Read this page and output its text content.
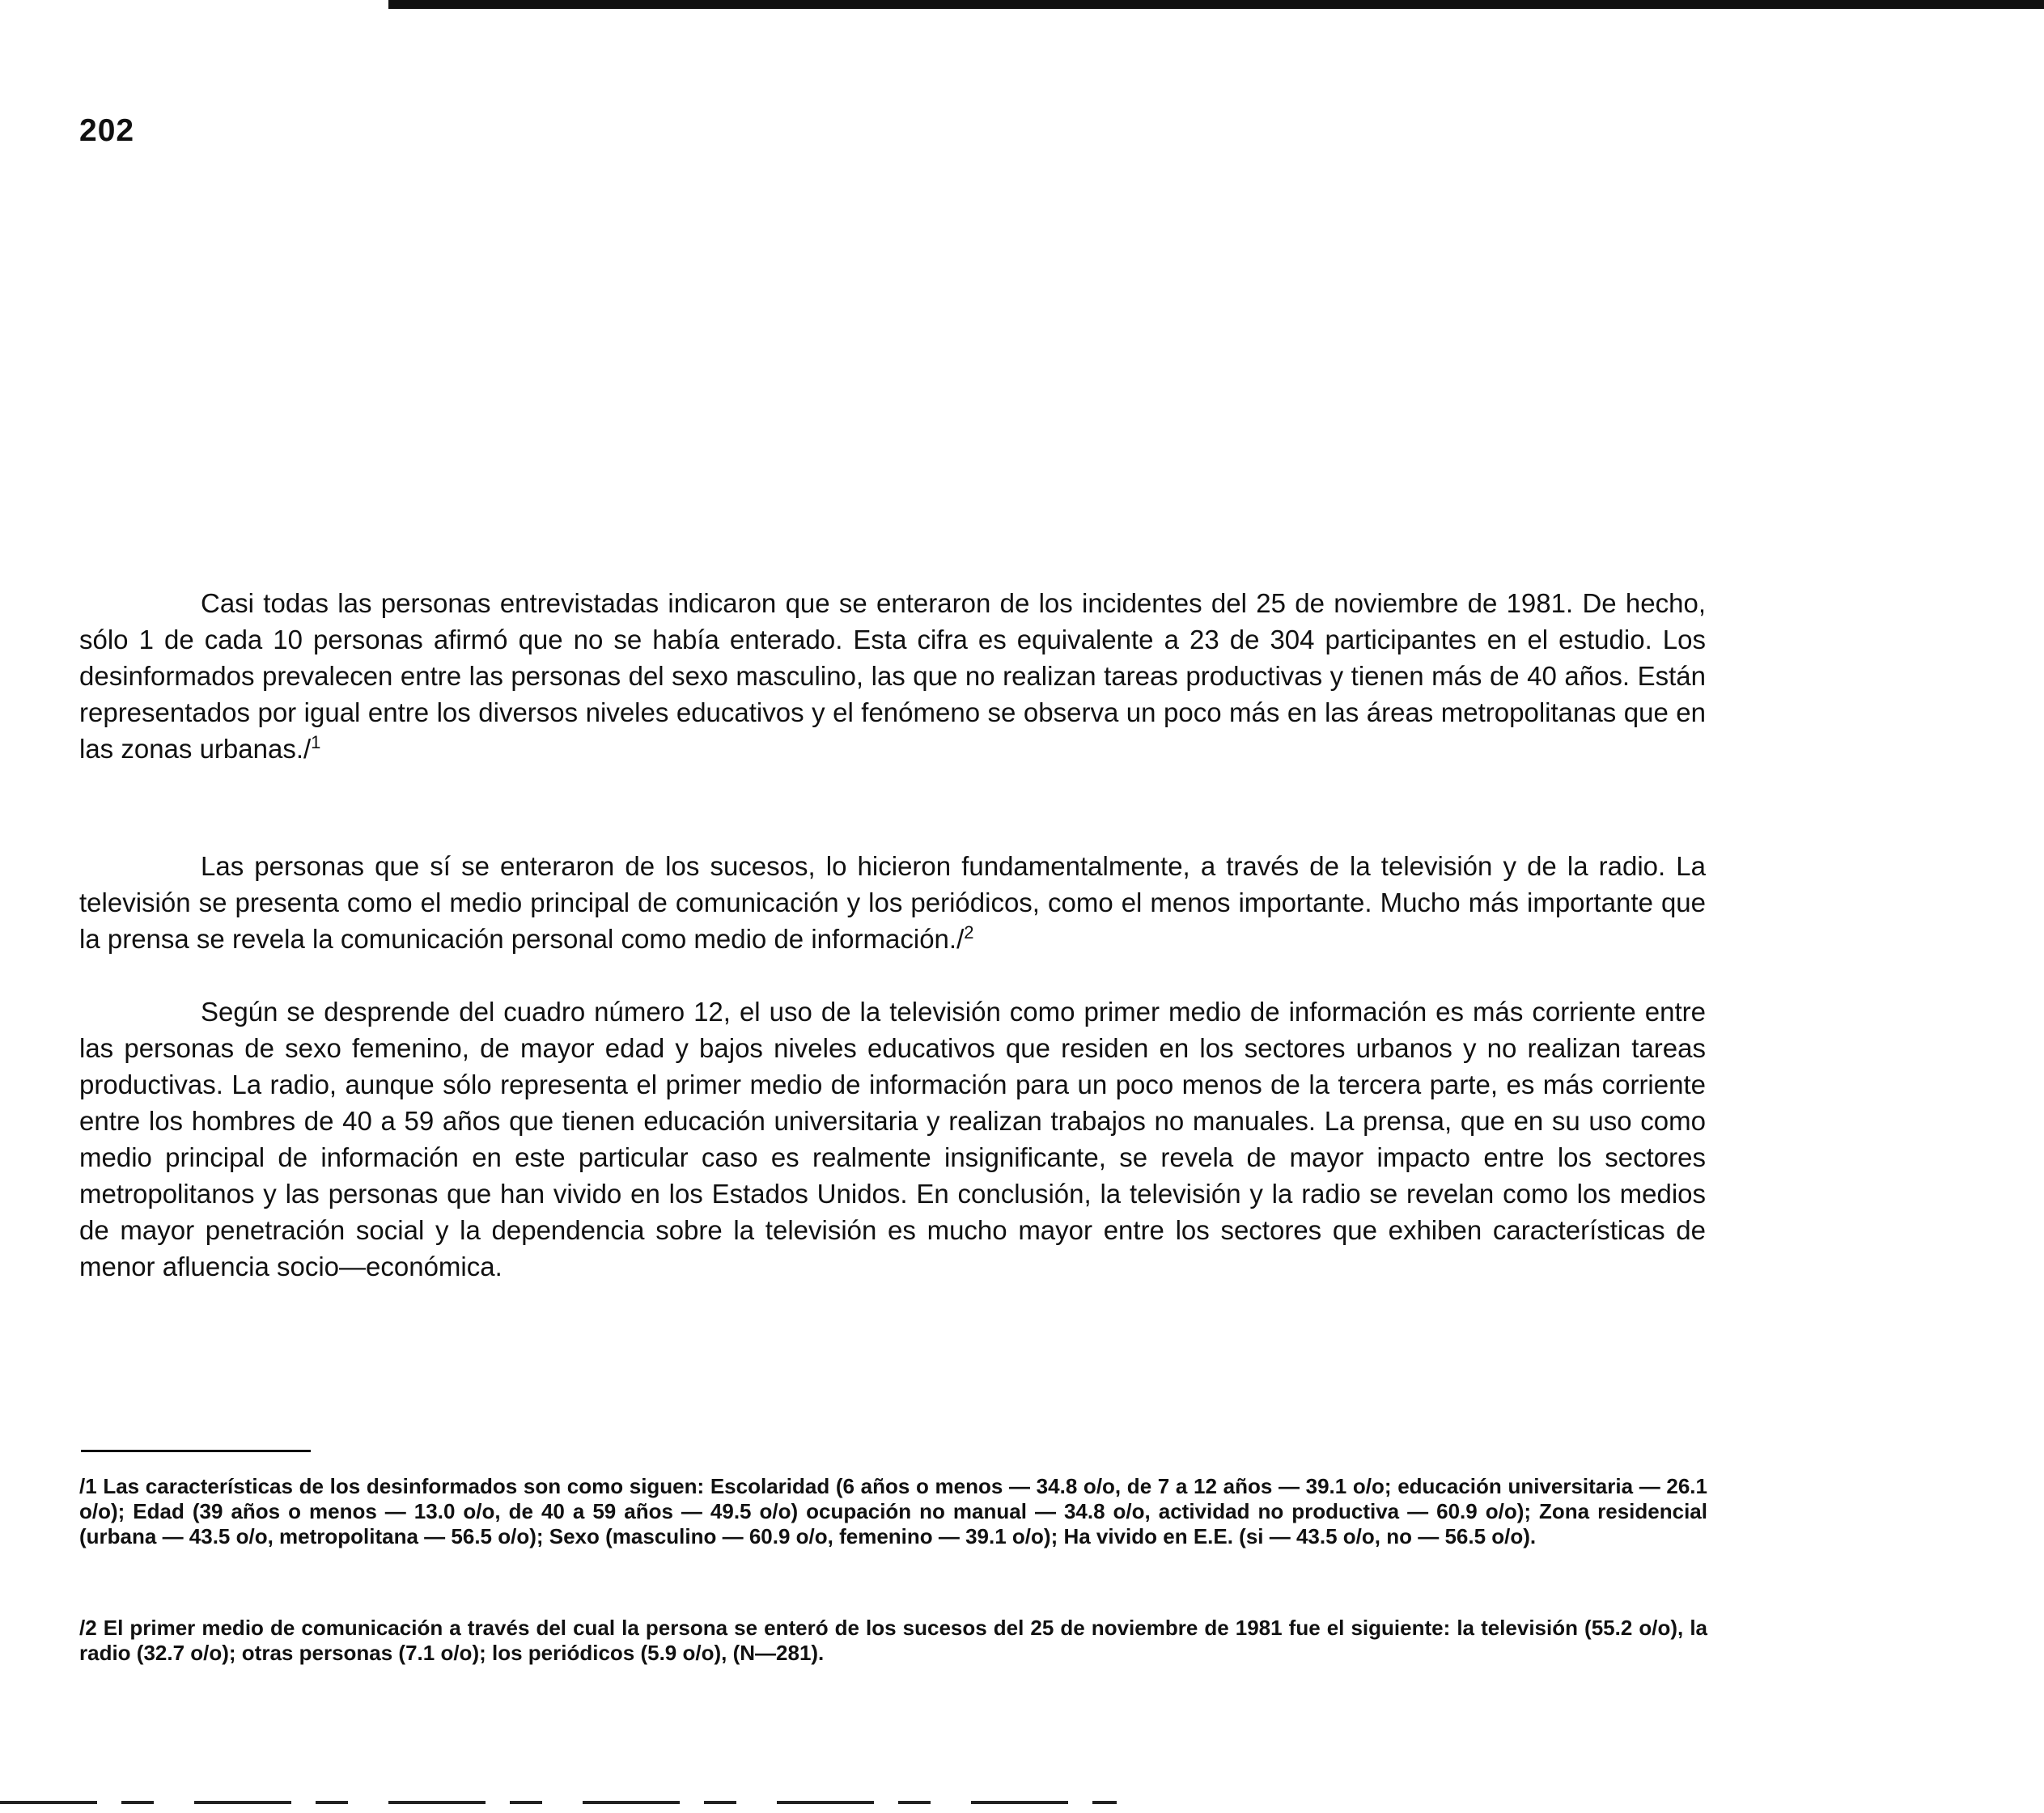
202

Casi todas las personas entrevistadas indicaron que se enteraron de los incidentes del 25 de noviembre de 1981. De hecho, sólo 1 de cada 10 personas afirmó que no se había enterado. Esta cifra es equivalente a 23 de 304 participantes en el estudio. Los desinformados prevalecen entre las personas del sexo masculino, las que no realizan tareas productivas y tienen más de 40 años. Están representados por igual entre los diversos niveles educativos y el fenómeno se observa un poco más en las áreas metropolitanas que en las zonas urbanas./$^1$

Las personas que sí se enteraron de los sucesos, lo hicieron fundamentalmente, a través de la televisión y de la radio. La televisión se presenta como el medio principal de comunicación y los periódicos, como el menos importante. Mucho más importante que la prensa se revela la comunicación personal como medio de información./$^2$

Según se desprende del cuadro número 12, el uso de la televisión como primer medio de información es más corriente entre las personas de sexo femenino, de mayor edad y bajos niveles educativos que residen en los sectores urbanos y no realizan tareas productivas. La radio, aunque sólo representa el primer medio de información para un poco menos de la tercera parte, es más corriente entre los hombres de 40 a 59 años que tienen educación universitaria y realizan trabajos no manuales. La prensa, que en su uso como medio principal de información en este particular caso es realmente insignificante, se revela de mayor impacto entre los sectores metropolitanos y las personas que han vivido en los Estados Unidos. En conclusión, la televisión y la radio se revelan como los medios de mayor penetración social y la dependencia sobre la televisión es mucho mayor entre los sectores que exhiben características de menor afluencia socio—económica.

/1 Las características de los desinformados son como siguen: Escolaridad (6 años o menos — 34.8 o/o, de 7 a 12 años — 39.1 o/o; educación universitaria — 26.1 o/o); Edad (39 años o menos — 13.0 o/o, de 40 a 59 años — 49.5 o/o) ocupación no manual — 34.8 o/o, actividad no productiva — 60.9 o/o); Zona residencial (urbana — 43.5 o/o, metropolitana — 56.5 o/o); Sexo (masculino — 60.9 o/o, femenino — 39.1 o/o); Ha vivido en E.E. (si — 43.5 o/o, no — 56.5 o/o).

/2 El primer medio de comunicación a través del cual la persona se enteró de los sucesos del 25 de noviembre de 1981 fue el siguiente: la televisión (55.2 o/o), la radio (32.7 o/o); otras personas (7.1 o/o); los periódicos (5.9 o/o), (N—281).
